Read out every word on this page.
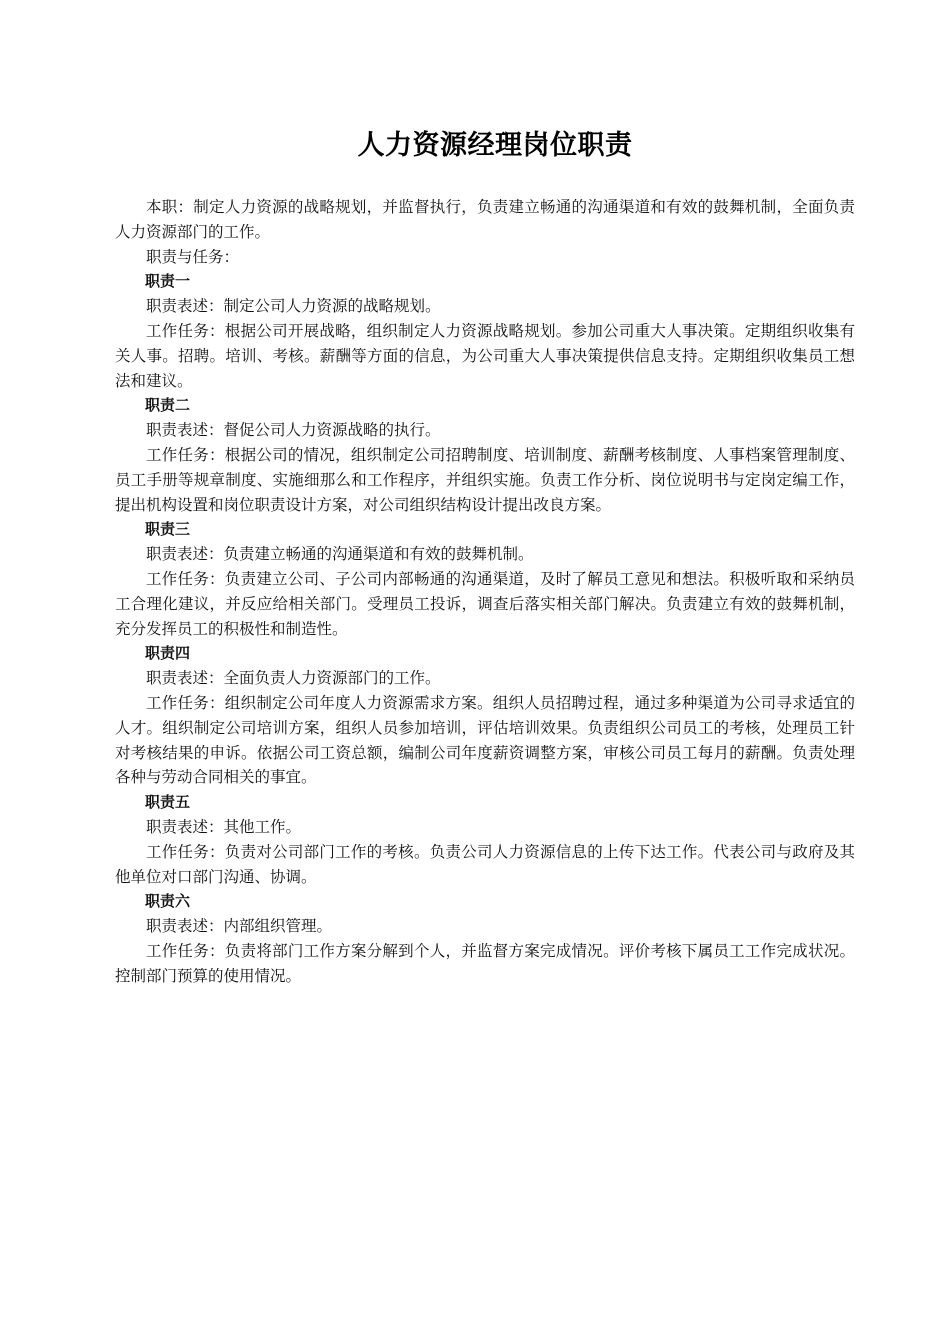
人力资源经理岗位职责

本职：制定人力资源的战略规划，并监督执行，负责建立畅通的沟通渠道和有效的鼓舞机制，全面负责人力资源部门的工作。

职责与任务：

职责一

职责表述：制定公司人力资源的战略规划。

工作任务：根据公司开展战略，组织制定人力资源战略规划。参加公司重大人事决策。定期组织收集有关人事。招聘。培训、考核。薪酬等方面的信息，为公司重大人事决策提供信息支持。定期组织收集员工想法和建议。

职责二

职责表述：督促公司人力资源战略的执行。

工作任务：根据公司的情况，组织制定公司招聘制度、培训制度、薪酬考核制度、人事档案管理制度、员工手册等规章制度、实施细那么和工作程序，并组织实施。负责工作分析、岗位说明书与定岗定编工作，提出机构设置和岗位职责设计方案，对公司组织结构设计提出改良方案。

职责三

职责表述：负责建立畅通的沟通渠道和有效的鼓舞机制。

工作任务：负责建立公司、子公司内部畅通的沟通渠道，及时了解员工意见和想法。积极听取和采纳员工合理化建议，并反应给相关部门。受理员工投诉，调查后落实相关部门解决。负责建立有效的鼓舞机制，充分发挥员工的积极性和制造性。

职责四

职责表述：全面负责人力资源部门的工作。

工作任务：组织制定公司年度人力资源需求方案。组织人员招聘过程，通过多种渠道为公司寻求适宜的人才。组织制定公司培训方案，组织人员参加培训，评估培训效果。负责组织公司员工的考核，处理员工针对考核结果的申诉。依据公司工资总额，编制公司年度薪资调整方案，审核公司员工每月的薪酬。负责处理各种与劳动合同相关的事宜。

职责五

职责表述：其他工作。

工作任务：负责对公司部门工作的考核。负责公司人力资源信息的上传下达工作。代表公司与政府及其他单位对口部门沟通、协调。

职责六

职责表述：内部组织管理。

工作任务：负责将部门工作方案分解到个人，并监督方案完成情况。评价考核下属员工工作完成状况。控制部门预算的使用情况。
